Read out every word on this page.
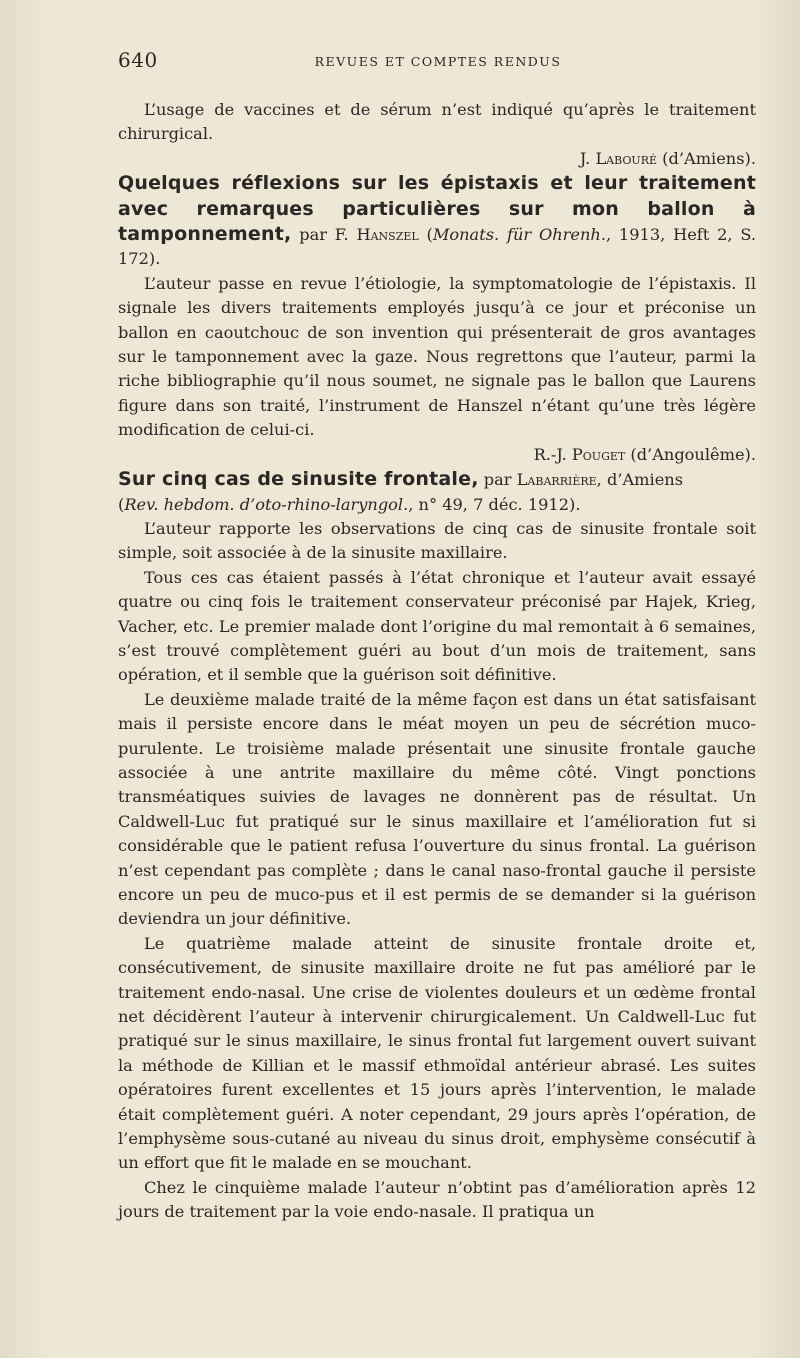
640	REVUES ET COMPTES RENDUS

L’usage de vaccines et de sérum n’est indiqué qu’après le traitement chirurgical.

J. Labouré (d’Amiens).

Quelques réflexions sur les épistaxis et leur traitement avec remarques particulières sur mon ballon à tamponnement, par F. Hanszel (Monats. für Ohrenh., 1913, Heft 2, S. 172).

L’auteur passe en revue l’étiologie, la symptomatologie de l’épistaxis. Il signale les divers traitements employés jusqu’à ce jour et préconise un ballon en caoutchouc de son invention qui présenterait de gros avantages sur le tamponnement avec la gaze. Nous regrettons que l’auteur, parmi la riche bibliographie qu’il nous soumet, ne signale pas le ballon que Laurens figure dans son traité, l’instrument de Hanszel n’étant qu’une très légère modification de celui-ci.

R.-J. Pouget (d’Angoulême).

Sur cinq cas de sinusite frontale, par Labarrière, d’Amiens
(Rev. hebdom. d’oto-rhino-laryngol., n° 49, 7 déc. 1912).

L’auteur rapporte les observations de cinq cas de sinusite frontale soit simple, soit associée à de la sinusite maxillaire.

Tous ces cas étaient passés à l’état chronique et l’auteur avait essayé quatre ou cinq fois le traitement conservateur préconisé par Hajek, Krieg, Vacher, etc. Le premier malade dont l’origine du mal remontait à 6 semaines, s’est trouvé complètement guéri au bout d’un mois de traitement, sans opération, et il semble que la guérison soit définitive.

Le deuxième malade traité de la même façon est dans un état satisfaisant mais il persiste encore dans le méat moyen un peu de sécrétion muco-purulente. Le troisième malade présentait une sinusite frontale gauche associée à une antrite maxillaire du même côté. Vingt ponctions transméatiques suivies de lavages ne donnèrent pas de résultat. Un Caldwell-Luc fut pratiqué sur le sinus maxillaire et l’amélioration fut si considérable que le patient refusa l’ouverture du sinus frontal. La guérison n’est cependant pas complète ; dans le canal naso-frontal gauche il persiste encore un peu de muco-pus et il est permis de se demander si la guérison deviendra un jour définitive.

Le quatrième malade atteint de sinusite frontale droite et, consécutivement, de sinusite maxillaire droite ne fut pas amélioré par le traitement endo-nasal. Une crise de violentes douleurs et un œdème frontal net décidèrent l’auteur à intervenir chirurgicalement. Un Caldwell-Luc fut pratiqué sur le sinus maxillaire, le sinus frontal fut largement ouvert suivant la méthode de Killian et le massif ethmoïdal antérieur abrasé. Les suites opératoires furent excellentes et 15 jours après l’intervention, le malade était complètement guéri. A noter cependant, 29 jours après l’opération, de l’emphysème sous-cutané au niveau du sinus droit, emphysème consécutif à un effort que fit le malade en se mouchant.

Chez le cinquième malade l’auteur n’obtint pas d’amélioration après 12 jours de traitement par la voie endo-nasale. Il pratiqua un
